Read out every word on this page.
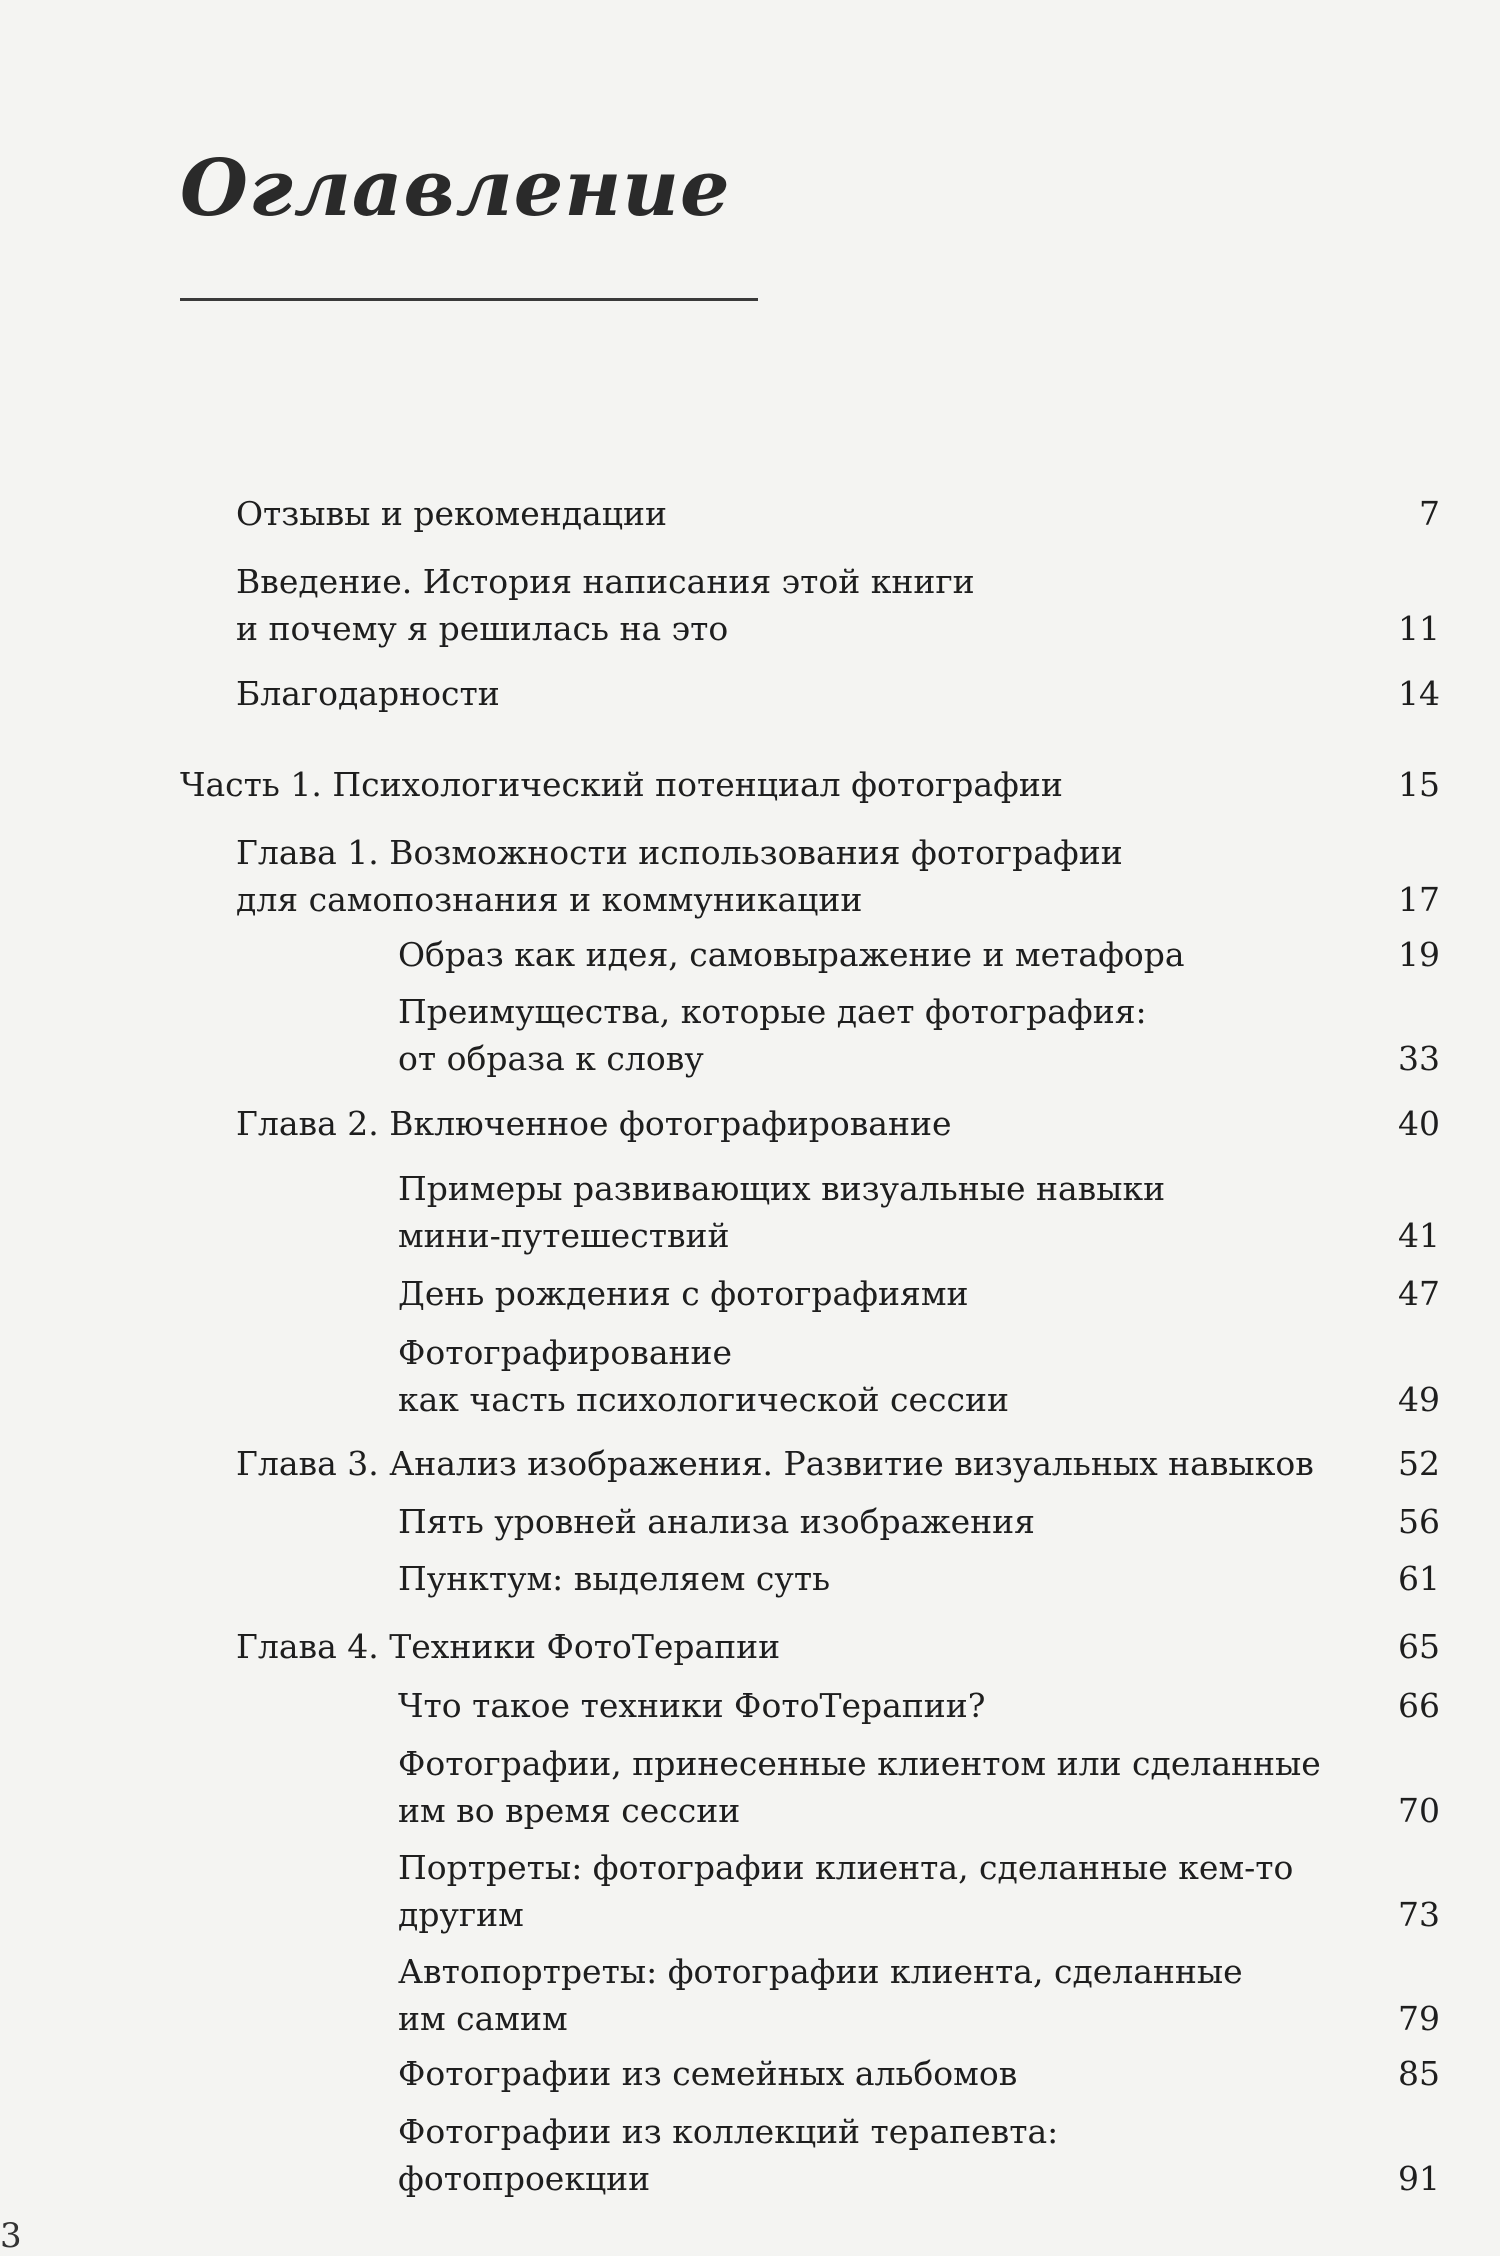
Оглавление
Отзывы и рекомендации	7
Введение. История написания этой книги
и почему я решилась на это	11
Благодарности	14
Часть 1. Психологический потенциал фотографии	15
Глава 1. Возможности использования фотографии
для самопознания и коммуникации	17
Образ как идея, самовыражение и метафора	19
Преимущества, которые дает фотография:
от образа к слову	33
Глава 2. Включенное фотографирование	40
Примеры развивающих визуальные навыки
мини-путешествий	41
День рождения с фотографиями	47
Фотографирование
как часть психологической сессии	49
Глава 3. Анализ изображения. Развитие визуальных навыков	52
Пять уровней анализа изображения	56
Пунктум: выделяем суть	61
Глава 4. Техники ФотоТерапии	65
Что такое техники ФотоТерапии?	66
Фотографии, принесенные клиентом или сделанные
им во время сессии	70
Портреты: фотографии клиента, сделанные кем-то
другим	73
Автопортреты: фотографии клиента, сделанные
им самим	79
Фотографии из семейных альбомов	85
Фотографии из коллекций терапевта:
фотопроекции	91
3
